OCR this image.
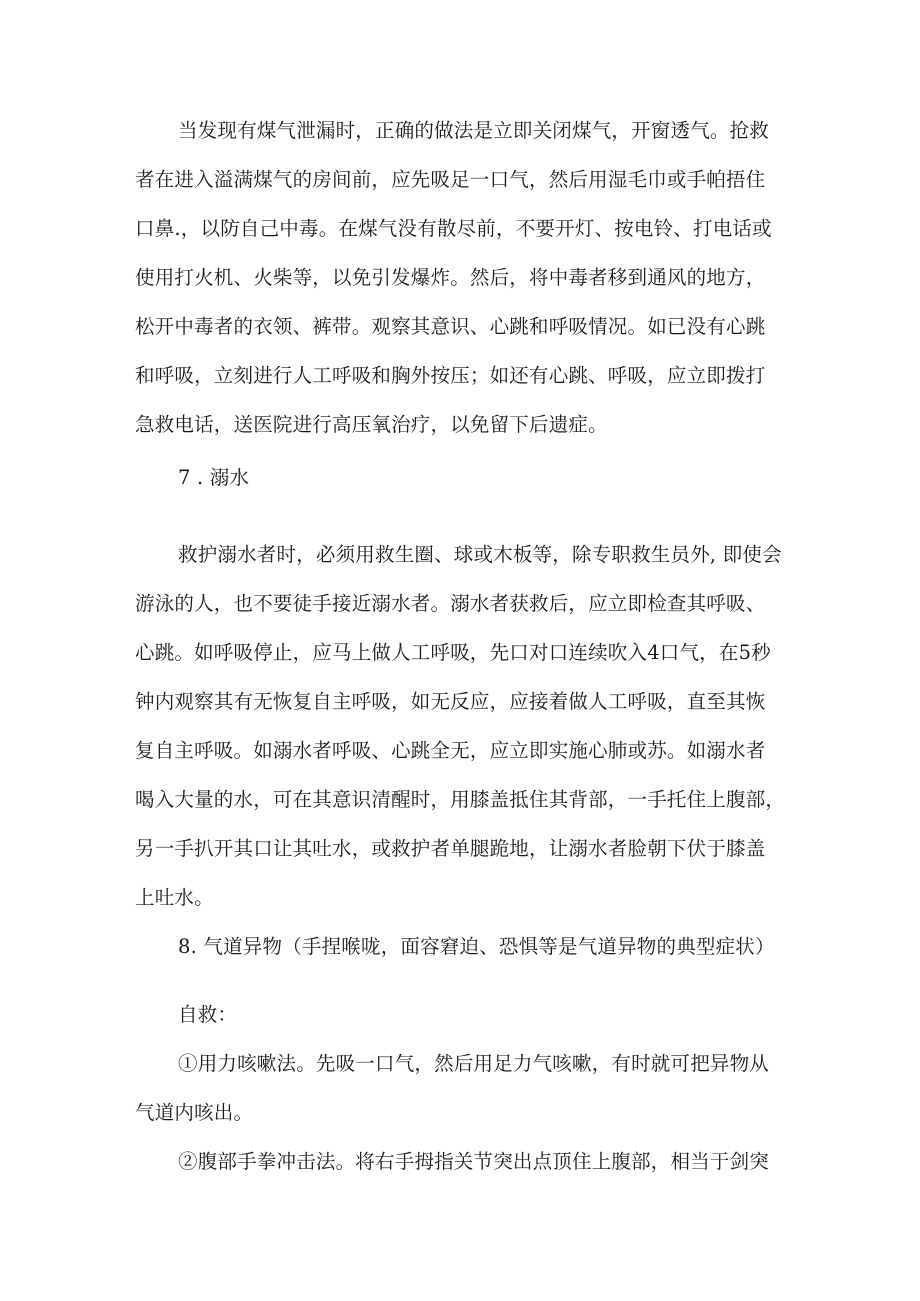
当发现有煤气泄漏时，正确的做法是立即关闭煤气，开窗透气。抢救
者在进入溢满煤气的房间前，应先吸足一口气，然后用湿毛巾或手帕捂住
口鼻.，以防自己中毒。在煤气没有散尽前，不要开灯、按电铃、打电话或
使用打火机、火柴等，以免引发爆炸。然后，将中毒者移到通风的地方，
松开中毒者的衣领、裤带。观察其意识、心跳和呼吸情况。如已没有心跳
和呼吸，立刻进行人工呼吸和胸外按压；如还有心跳、呼吸，应立即拨打
急救电话，送医院进行高压氧治疗，以免留下后遗症。
7 . 溺水
救护溺水者时，必须用救生圈、球或木板等，除专职救生员外, 即使会
游泳的人，也不要徒手接近溺水者。溺水者获救后，应立即检查其呼吸、
心跳。如呼吸停止，应马上做人工呼吸，先口对口连续吹入4口气，在5秒
钟内观察其有无恢复自主呼吸，如无反应，应接着做人工呼吸，直至其恢
复自主呼吸。如溺水者呼吸、心跳全无，应立即实施心肺或苏。如溺水者
喝入大量的水，可在其意识清醒时，用膝盖抵住其背部，一手托住上腹部，
另一手扒开其口让其吐水，或救护者单腿跪地，让溺水者脸朝下伏于膝盖
上吐水。
8. 气道异物（手捏喉咙，面容窘迫、恐惧等是气道异物的典型症状）
自救：
①用力咳嗽法。先吸一口气，然后用足力气咳嗽，有时就可把异物从
气道内咳出。
②腹部手拳冲击法。将右手拇指关节突出点顶住上腹部，相当于剑突
